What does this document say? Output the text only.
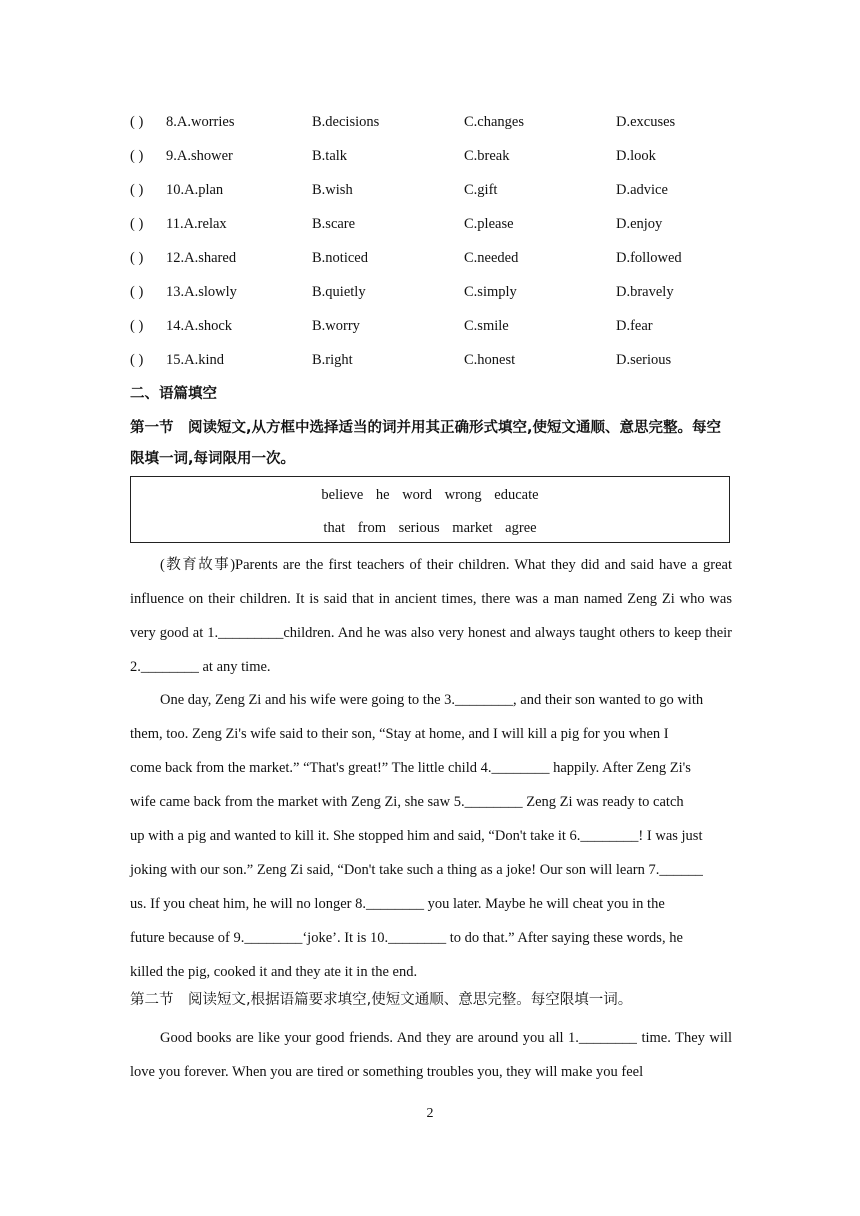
( ) 8.A.worries	B.decisions	C.changes	D.excuses
( ) 9.A.shower	B.talk	C.break	D.look
( ) 10.A.plan	B.wish	C.gift	D.advice
( ) 11.A.relax	B.scare	C.please	D.enjoy
( ) 12.A.shared	B.noticed	C.needed	D.followed
( ) 13.A.slowly	B.quietly	C.simply	D.bravely
( ) 14.A.shock	B.worry	C.smile	D.fear
( ) 15.A.kind	B.right	C.honest	D.serious
二、语篇填空
第一节　阅读短文,从方框中选择适当的词并用其正确形式填空,使短文通顺、意思完整。每空限填一词,每词限用一次。
believe he word wrong educate
that from serious market agree

(教育故事)Parents are the first teachers of their children. What they did and said have a great influence on their children. It is said that in ancient times, there was a man named Zeng Zi who was very good at 1._________children. And he was also very honest and always taught others to keep their 2.________ at any time.

One day, Zeng Zi and his wife were going to the 3.________, and their son wanted to go with

them, too. Zeng Zi's wife said to their son, “Stay at home, and I will kill a pig for you when I

come back from the market.” “That's great!” The little child 4.________ happily. After Zeng Zi's

wife came back from the market with Zeng Zi, she saw 5.________ Zeng Zi was ready to catch

up with a pig and wanted to kill it. She stopped him and said, “Don't take it 6.________! I was just

joking with our son.” Zeng Zi said, “Don't take such a thing as a joke! Our son will learn 7.______

us. If you cheat him, he will no longer 8.________ you later. Maybe he will cheat you in the

future because of 9.________‘joke’. It is 10.________ to do that.” After saying these words, he

killed the pig, cooked it and they ate it in the end.

第二节　阅读短文,根据语篇要求填空,使短文通顺、意思完整。每空限填一词。

Good books are like your good friends. And they are around you all 1.________ time. They will love you forever. When you are tired or something troubles you, they will make you feel

2
